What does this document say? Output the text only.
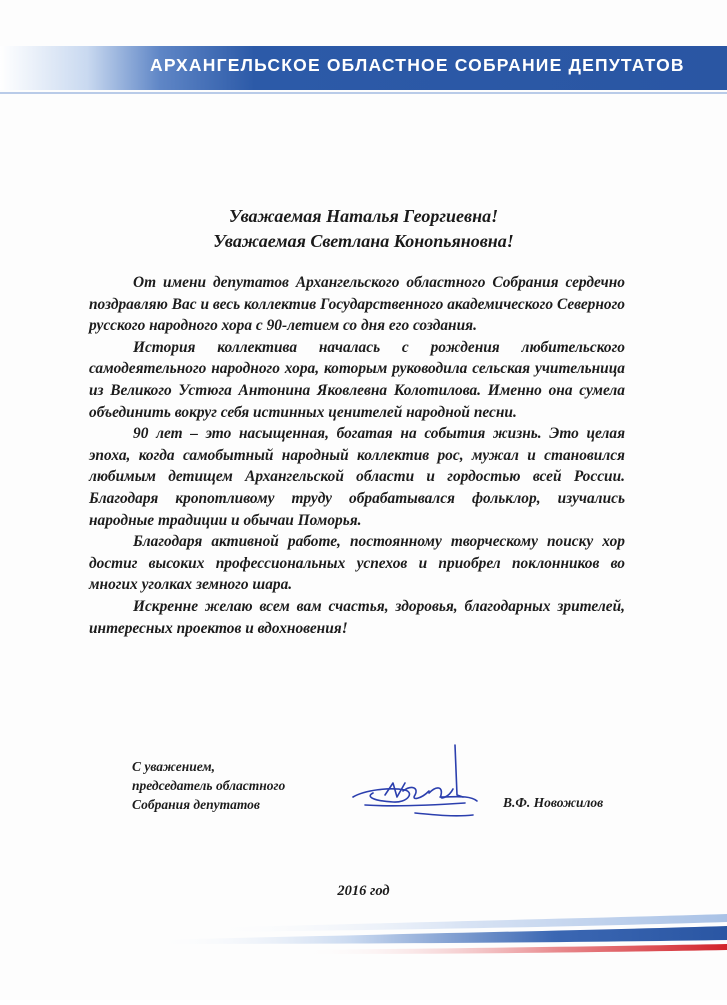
АРХАНГЕЛЬСКОЕ ОБЛАСТНОЕ СОБРАНИЕ ДЕПУТАТОВ
Уважаемая Наталья Георгиевна!
Уважаемая Светлана Конопьяновна!

От имени депутатов Архангельского областного Собрания сердечно поздравляю Вас и весь коллектив Государственного академического Северного русского народного хора с 90-летием со дня его создания.

История коллектива началась с рождения любительского самодеятельного народного хора, которым руководила сельская учительница из Великого Устюга Антонина Яковлевна Колотилова. Именно она сумела объединить вокруг себя истинных ценителей народной песни.

90 лет – это насыщенная, богатая на события жизнь. Это целая эпоха, когда самобытный народный коллектив рос, мужал и становился любимым детищем Архангельской области и гордостью всей России. Благодаря кропотливому труду обрабатывался фольклор, изучались народные традиции и обычаи Поморья.

Благодаря активной работе, постоянному творческому поиску хор достиг высоких профессиональных успехов и приобрел поклонников во многих уголках земного шара.

Искренне желаю всем вам счастья, здоровья, благодарных зрителей, интересных проектов и вдохновения!

С уважением,
председатель областного
Собрания депутатов	В.Ф. Новожилов
2016 год
